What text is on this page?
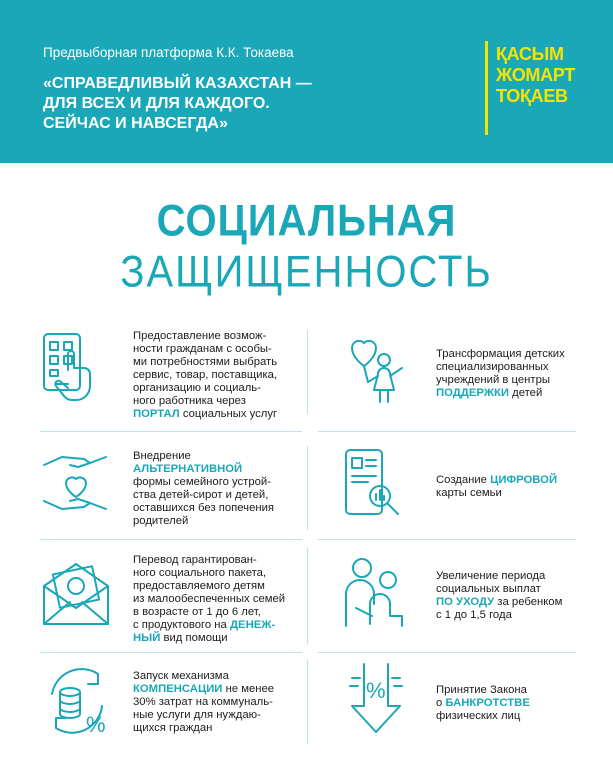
Предвыборная платформа К.К. Токаева
«СПРАВЕДЛИВЫЙ КАЗАХСТАН —
ДЛЯ ВСЕХ И ДЛЯ КАЖДОГО.
СЕЙЧАС И НАВСЕГДА»
ҚАСЫМ
ЖОМАРТ
ТОҚАЕВ
СОЦИАЛЬНАЯ
ЗАЩИЩЕННОСТЬ
Предоставление возмож-
ности гражданам с особы-
ми потребностями выбрать
сервис, товар, поставщика,
организацию и социаль-
ного работника через
ПОРТАЛ социальных услуг
Трансформация детских
специализированных
учреждений в центры
ПОДДЕРЖКИ детей
Внедрение
АЛЬТЕРНАТИВНОЙ
формы семейного устрой-
ства детей-сирот и детей,
оставшихся без попечения
родителей
Создание ЦИФРОВОЙ
карты семьи
Перевод гарантирован-
ного социального пакета,
предоставляемого детям
из малообеспеченных семей
в возрасте от 1 до 6 лет,
с продуктового на ДЕНЕЖ-
НЫЙ вид помощи
Увеличение периода
социальных выплат
ПО УХОДУ за ребенком
с 1 до 1,5 года
%
Запуск механизма
КОМПЕНСАЦИИ не менее
30% затрат на коммуналь-
ные услуги для нуждаю-
щихся граждан
%	Принятие Закона
о БАНКРОТСТВЕ
физических лиц
